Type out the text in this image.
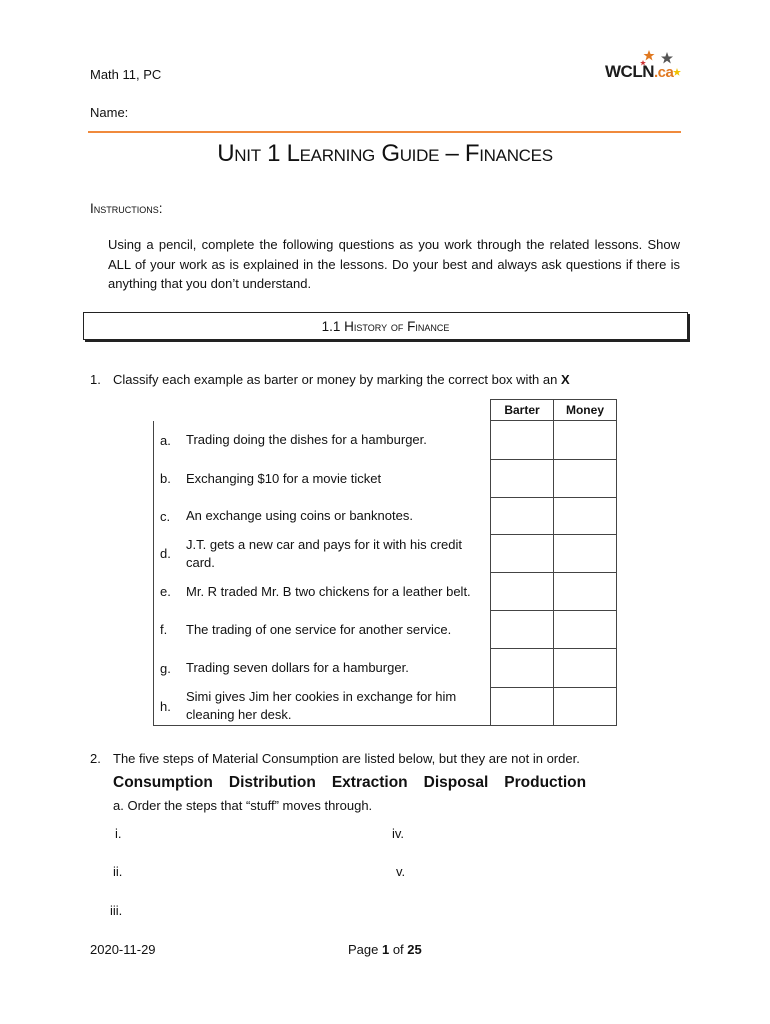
Math 11, PC
Name:
WCLN.ca
Unit 1 Learning Guide – Finances
Instructions:
Using a pencil, complete the following questions as you work through the related lessons. Show ALL of your work as is explained in the lessons. Do your best and always ask questions if there is anything that you don’t understand.
1.1 History of Finance
1. Classify each example as barter or money by marking the correct box with an X
	Barter	Money

a. Trading doing the dishes for a hamburger.		

b. Exchanging $10 for a movie ticket		

c. An exchange using coins or banknotes.		

d.
J.T. gets a new car and pays for it with his credit card.		

e. Mr. R traded Mr. B two chickens for a leather belt.		

f. The trading of one service for another service.		

g. Trading seven dollars for a hamburger.		

h.
Simi gives Jim her cookies in exchange for him cleaning her desk.		

2. The five steps of Material Consumption are listed below, but they are not in order.
Consumption Distribution Extraction Disposal Production
a. Order the steps that “stuff” moves through.
i.
ii.
iii.
iv.
v.
2020-11-29	Page 1 of 25
